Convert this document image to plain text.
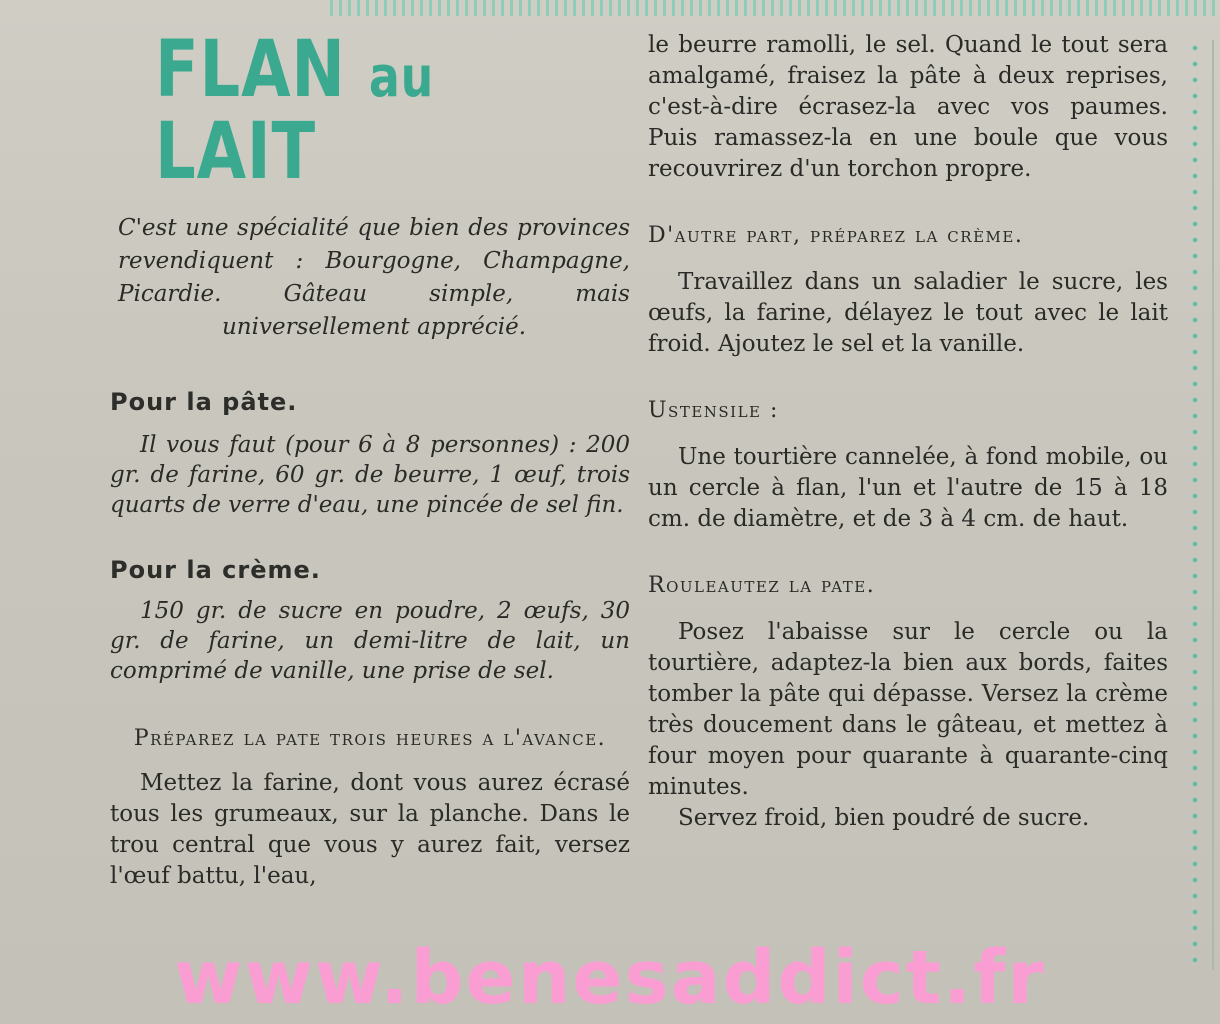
FLAN au LAIT

C'est une spécialité que bien des provinces revendiquent : Bourgogne, Champagne, Picardie. Gâteau simple, mais universellement apprécié.

Pour la pâte.

Il vous faut (pour 6 à 8 personnes) : 200 gr. de farine, 60 gr. de beurre, 1 œuf, trois quarts de verre d'eau, une pincée de sel fin.

Pour la crème.

150 gr. de sucre en poudre, 2 œufs, 30 gr. de farine, un demi-litre de lait, un comprimé de vanille, une prise de sel.

Préparez la pate trois heures a l'avance.

Mettez la farine, dont vous aurez écrasé tous les grumeaux, sur la planche. Dans le trou central que vous y aurez fait, versez l'œuf battu, l'eau,

le beurre ramolli, le sel. Quand le tout sera amalgamé, fraisez la pâte à deux reprises, c'est-à-dire écrasez-la avec vos paumes. Puis ramassez-la en une boule que vous recouvrirez d'un torchon propre.

D'autre part, préparez la crème.

Travaillez dans un saladier le sucre, les œufs, la farine, délayez le tout avec le lait froid. Ajoutez le sel et la vanille.

Ustensile :

Une tourtière cannelée, à fond mobile, ou un cercle à flan, l'un et l'autre de 15 à 18 cm. de diamètre, et de 3 à 4 cm. de haut.

Rouleautez la pate.

Posez l'abaisse sur le cercle ou la tourtière, adaptez-la bien aux bords, faites tomber la pâte qui dépasse. Versez la crème très doucement dans le gâteau, et mettez à four moyen pour quarante à quarante-cinq minutes.

Servez froid, bien poudré de sucre.

www.benesaddict.fr
